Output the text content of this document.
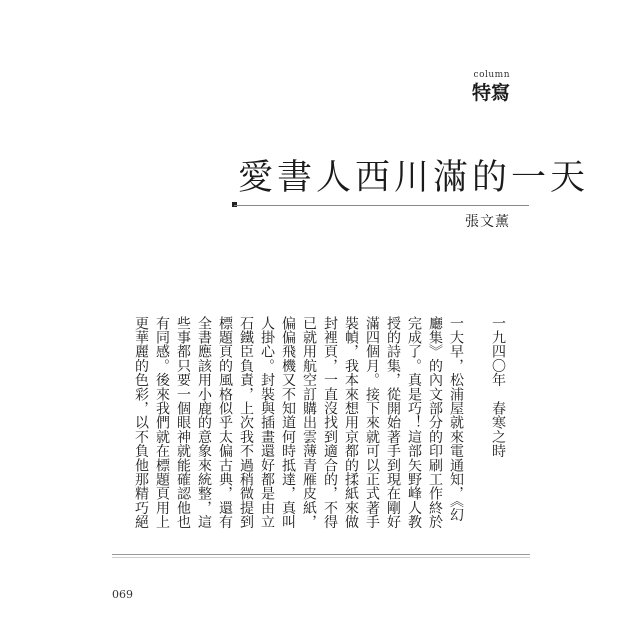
column
特寫
愛書人西川滿的一天
張文薰
一九四〇年　春寒之時
一大早，松浦屋就來電通知，《幻
廳集》的內文部分的印刷工作終於
完成了。真是巧！這部矢野峰人教
授的詩集，從開始著手到現在剛好
滿四個月。接下來就可以正式著手
裝幀，我本來想用京都的揉紙來做
封裡頁，一直沒找到適合的，不得
已就用航空訂購出雲薄青雁皮紙，
偏偏飛機又不知道何時抵達，真叫
人掛心。封裝與插畫還好都是由立
石鐵臣負責，上次我不過稍微提到
標題頁的風格似乎太偏古典，還有
全書應該用小鹿的意象來統整，這
些事都只要一個眼神就能確認他也
有同感。後來我們就在標題頁用上
更華麗的色彩，以不負他那精巧絕
069
